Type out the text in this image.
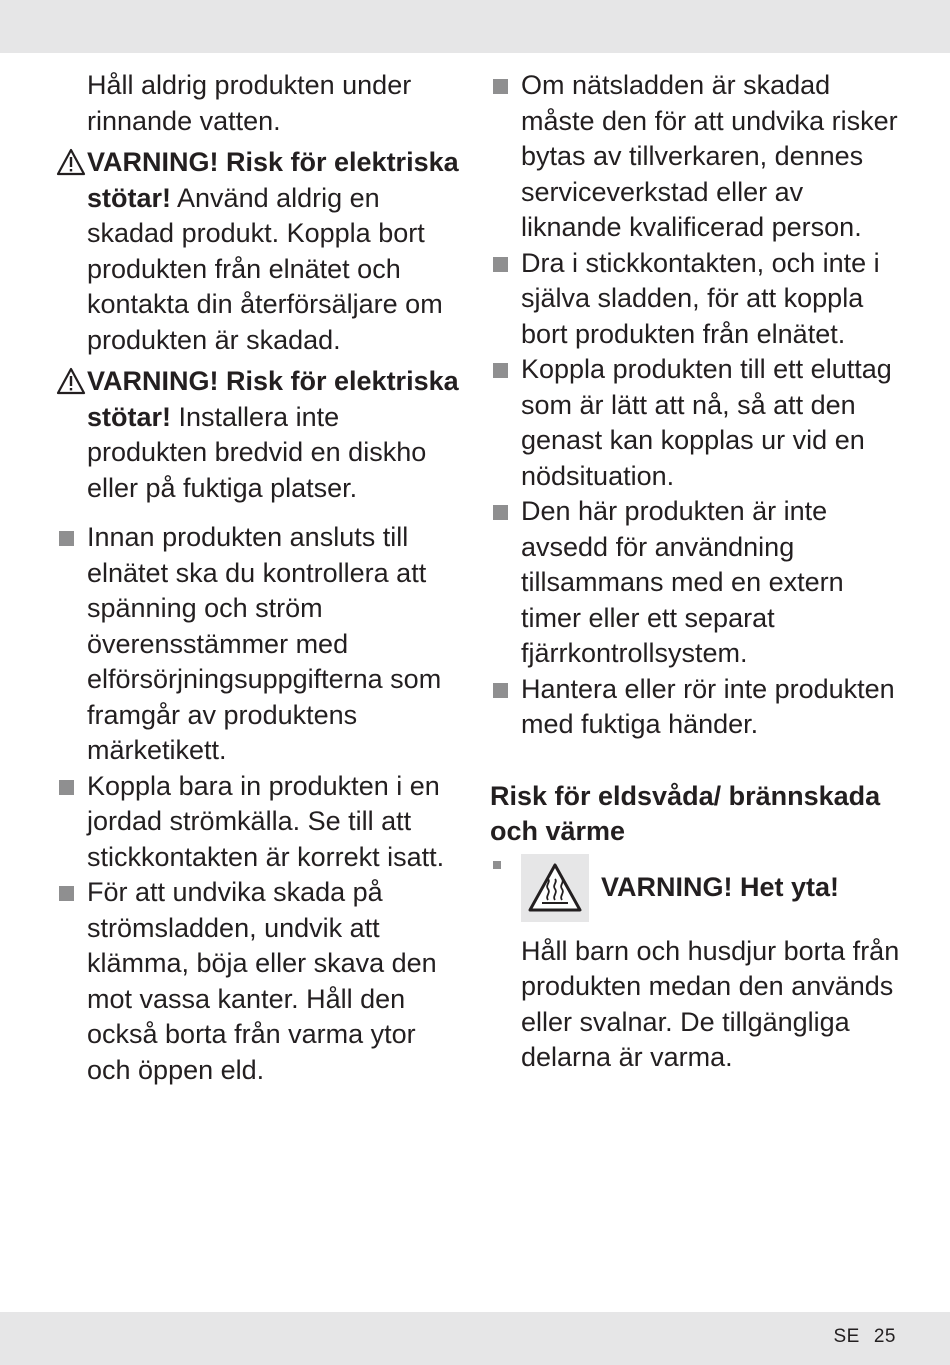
Håll aldrig produkten under rinnande vatten.

VARNING! Risk för elektriska stötar! Använd aldrig en skadad produkt. Koppla bort produkten från elnätet och kontakta din återförsäljare om produkten är skadad.

VARNING! Risk för elektriska stötar! Installera inte produkten bredvid en diskho eller på fuktiga platser.

Innan produkten ansluts till elnätet ska du kontrollera att spänning och ström överensstämmer med elförsörjningsuppgifterna som framgår av produktens märketikett.
Koppla bara in produkten i en jordad strömkälla. Se till att stickkontakten är korrekt isatt.
För att undvika skada på strömsladden, undvik att klämma, böja eller skava den mot vassa kanter. Håll den också borta från varma ytor och öppen eld.
Om nätsladden är skadad måste den för att undvika risker bytas av tillverkaren, dennes serviceverkstad eller av liknande kvalificerad person.
Dra i stickkontakten, och inte i själva sladden, för att koppla bort produkten från elnätet.
Koppla produkten till ett eluttag som är lätt att nå, så att den genast kan kopplas ur vid en nödsituation.
Den här produkten är inte avsedd för användning tillsammans med en extern timer eller ett separat fjärrkontrollsystem.
Hantera eller rör inte produkten med fuktiga händer.
Risk för eldsvåda/ brännskada och värme
VARNING! Het yta!

Håll barn och husdjur borta från produkten medan den används eller svalnar. De tillgängliga delarna är varma.

SE 25
